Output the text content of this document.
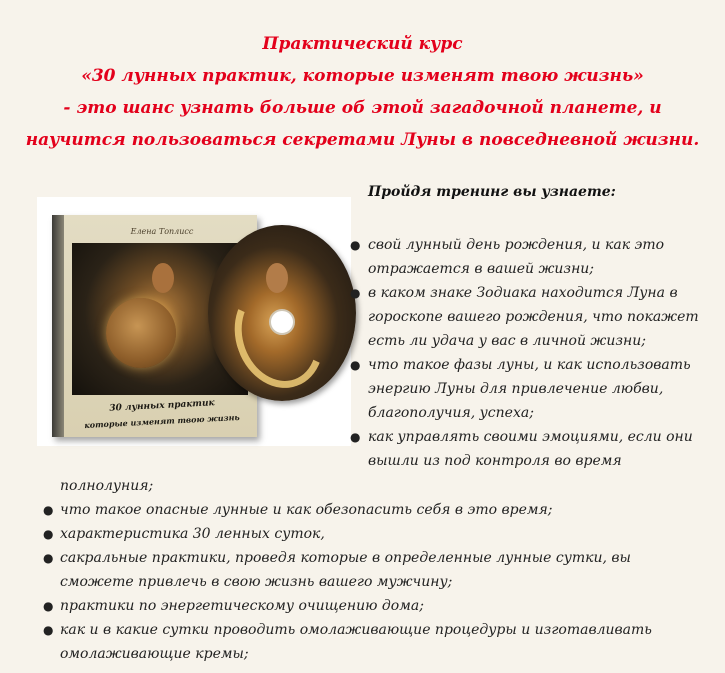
Практический курс
«30 лунных практик, которые изменят твою жизнь»
- это шанс узнать больше об этой загадочной планете, и
научится пользоваться секретами Луны в повседневной жизни.
Елена Топлисс
30 лунных практик
которые изменят твою жизнь
Пройдя тренинг вы узнаете:
● свой лунный день рождения, и как это
отражается в вашей жизни;
● в каком знаке Зодиака находится Луна в
гороскопе вашего рождения, что покажет
есть ли удача у вас в личной жизни;
● что такое фазы луны, и как использовать
энергию Луны для привлечение любви,
благополучия, успеха;
● как управлять своими эмоциями, если они
вышли из под контроля во время
полнолуния;
● что такое опасные лунные и как обезопасить себя в это время;
● характеристика 30 ленных суток,
● сакральные практики, проведя которые в определенные лунные сутки, вы
сможете привлечь в свою жизнь вашего мужчину;
● практики по энергетическому очищению дома;
● как и в какие сутки проводить омолаживающие процедуры и изготавливать
омолаживающие кремы;
